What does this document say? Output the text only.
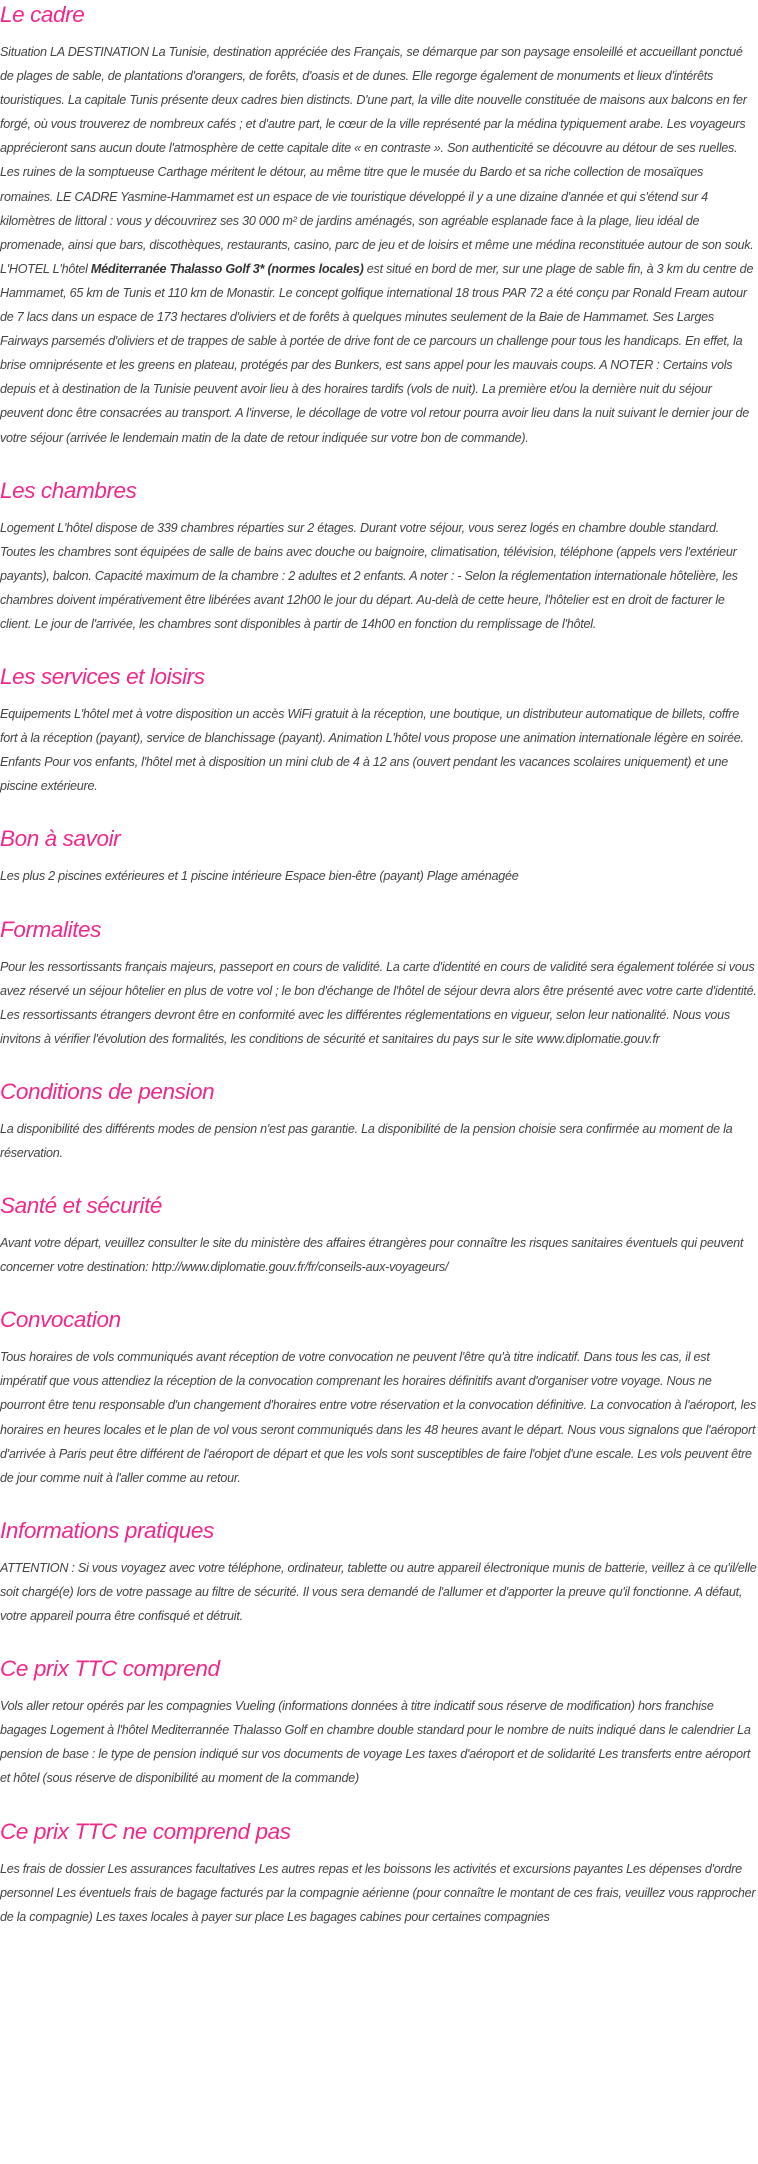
Le cadre

Situation LA DESTINATION La Tunisie, destination appréciée des Français, se démarque par son paysage ensoleillé et accueillant ponctué de plages de sable, de plantations d'orangers, de forêts, d'oasis et de dunes. Elle regorge également de monuments et lieux d'intérêts touristiques. La capitale Tunis présente deux cadres bien distincts. D'une part, la ville dite nouvelle constituée de maisons aux balcons en fer forgé, où vous trouverez de nombreux cafés ; et d'autre part, le cœur de la ville représenté par la médina typiquement arabe. Les voyageurs apprécieront sans aucun doute l'atmosphère de cette capitale dite « en contraste ». Son authenticité se découvre au détour de ses ruelles. Les ruines de la somptueuse Carthage méritent le détour, au même titre que le musée du Bardo et sa riche collection de mosaïques romaines. LE CADRE Yasmine-Hammamet est un espace de vie touristique développé il y a une dizaine d'année et qui s'étend sur 4 kilomètres de littoral : vous y découvrirez ses 30 000 m² de jardins aménagés, son agréable esplanade face à la plage, lieu idéal de promenade, ainsi que bars, discothèques, restaurants, casino, parc de jeu et de loisirs et même une médina reconstituée autour de son souk. L'HOTEL L'hôtel Méditerranée Thalasso Golf 3* (normes locales) est situé en bord de mer, sur une plage de sable fin, à 3 km du centre de Hammamet, 65 km de Tunis et 110 km de Monastir. Le concept golfique international 18 trous PAR 72 a été conçu par Ronald Fream autour de 7 lacs dans un espace de 173 hectares d'oliviers et de forêts à quelques minutes seulement de la Baie de Hammamet. Ses Larges Fairways parsemés d'oliviers et de trappes de sable à portée de drive font de ce parcours un challenge pour tous les handicaps. En effet, la brise omniprésente et les greens en plateau, protégés par des Bunkers, est sans appel pour les mauvais coups. A NOTER : Certains vols depuis et à destination de la Tunisie peuvent avoir lieu à des horaires tardifs (vols de nuit). La première et/ou la dernière nuit du séjour peuvent donc être consacrées au transport. A l'inverse, le décollage de votre vol retour pourra avoir lieu dans la nuit suivant le dernier jour de votre séjour (arrivée le lendemain matin de la date de retour indiquée sur votre bon de commande).

Les chambres

Logement L'hôtel dispose de 339 chambres réparties sur 2 étages. Durant votre séjour, vous serez logés en chambre double standard. Toutes les chambres sont équipées de salle de bains avec douche ou baignoire, climatisation, télévision, téléphone (appels vers l'extérieur payants), balcon. Capacité maximum de la chambre : 2 adultes et 2 enfants. A noter : - Selon la réglementation internationale hôtelière, les chambres doivent impérativement être libérées avant 12h00 le jour du départ. Au-delà de cette heure, l'hôtelier est en droit de facturer le client. Le jour de l'arrivée, les chambres sont disponibles à partir de 14h00 en fonction du remplissage de l'hôtel.

Les services et loisirs

Equipements L'hôtel met à votre disposition un accès WiFi gratuit à la réception, une boutique, un distributeur automatique de billets, coffre fort à la réception (payant), service de blanchissage (payant). Animation L'hôtel vous propose une animation internationale légère en soirée. Enfants Pour vos enfants, l'hôtel met à disposition un mini club de 4 à 12 ans (ouvert pendant les vacances scolaires uniquement) et une piscine extérieure.

Bon à savoir

Les plus 2 piscines extérieures et 1 piscine intérieure Espace bien-être (payant) Plage aménagée

Formalites

Pour les ressortissants français majeurs, passeport en cours de validité. La carte d'identité en cours de validité sera également tolérée si vous avez réservé un séjour hôtelier en plus de votre vol ; le bon d'échange de l'hôtel de séjour devra alors être présenté avec votre carte d'identité. Les ressortissants étrangers devront être en conformité avec les différentes réglementations en vigueur, selon leur nationalité. Nous vous invitons à vérifier l'évolution des formalités, les conditions de sécurité et sanitaires du pays sur le site www.diplomatie.gouv.fr

Conditions de pension

La disponibilité des différents modes de pension n'est pas garantie. La disponibilité de la pension choisie sera confirmée au moment de la réservation.

Santé et sécurité

Avant votre départ, veuillez consulter le site du ministère des affaires étrangères pour connaître les risques sanitaires éventuels qui peuvent concerner votre destination: http://www.diplomatie.gouv.fr/fr/conseils-aux-voyageurs/

Convocation

Tous horaires de vols communiqués avant réception de votre convocation ne peuvent l'être qu'à titre indicatif. Dans tous les cas, il est impératif que vous attendiez la réception de la convocation comprenant les horaires définitifs avant d'organiser votre voyage. Nous ne pourront être tenu responsable d'un changement d'horaires entre votre réservation et la convocation définitive. La convocation à l'aéroport, les horaires en heures locales et le plan de vol vous seront communiqués dans les 48 heures avant le départ. Nous vous signalons que l'aéroport d'arrivée à Paris peut être différent de l'aéroport de départ et que les vols sont susceptibles de faire l'objet d'une escale. Les vols peuvent être de jour comme nuit à l'aller comme au retour.

Informations pratiques

ATTENTION : Si vous voyagez avec votre téléphone, ordinateur, tablette ou autre appareil électronique munis de batterie, veillez à ce qu'il/elle soit chargé(e) lors de votre passage au filtre de sécurité. Il vous sera demandé de l'allumer et d'apporter la preuve qu'il fonctionne. A défaut, votre appareil pourra être confisqué et détruit.

Ce prix TTC comprend

Vols aller retour opérés par les compagnies Vueling (informations données à titre indicatif sous réserve de modification) hors franchise bagages Logement à l'hôtel Mediterrannée Thalasso Golf en chambre double standard pour le nombre de nuits indiqué dans le calendrier La pension de base : le type de pension indiqué sur vos documents de voyage Les taxes d'aéroport et de solidarité Les transferts entre aéroport et hôtel (sous réserve de disponibilité au moment de la commande)

Ce prix TTC ne comprend pas

Les frais de dossier Les assurances facultatives Les autres repas et les boissons les activités et excursions payantes Les dépenses d'ordre personnel Les éventuels frais de bagage facturés par la compagnie aérienne (pour connaître le montant de ces frais, veuillez vous rapprocher de la compagnie) Les taxes locales à payer sur place Les bagages cabines pour certaines compagnies
